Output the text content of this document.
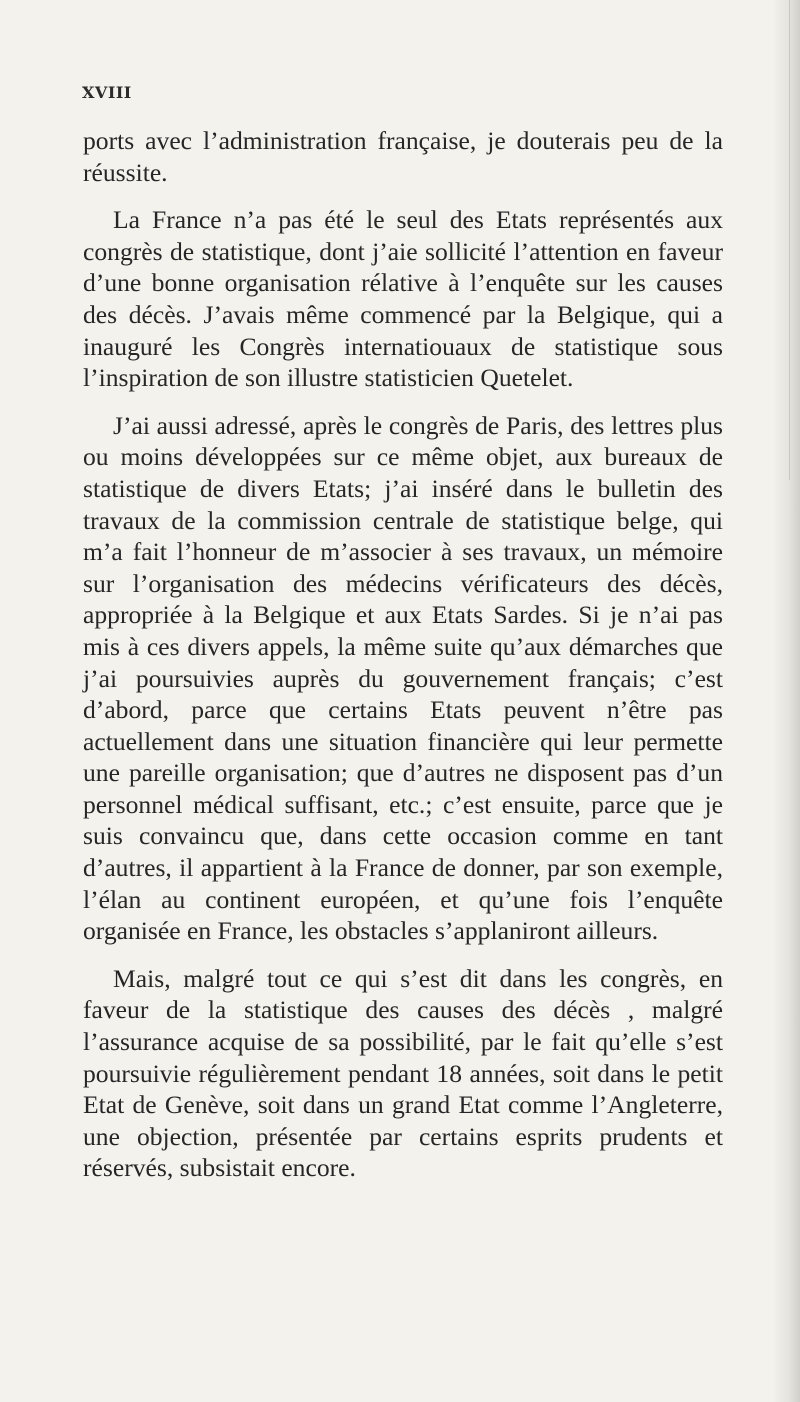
XVIII

ports avec l’administration française, je douterais peu de la réussite.

La France n’a pas été le seul des Etats représentés aux congrès de statistique, dont j’aie sollicité l’attention en faveur d’une bonne organisation rélative à l’enquête sur les causes des décès. J’avais même commencé par la Belgique, qui a inauguré les Congrès internatiouaux de statistique sous l’inspiration de son illustre statisticien Quetelet.

J’ai aussi adressé, après le congrès de Paris, des lettres plus ou moins développées sur ce même objet, aux bureaux de statistique de divers Etats; j’ai inséré dans le bulletin des travaux de la commission centrale de statistique belge, qui m’a fait l’honneur de m’associer à ses travaux, un mémoire sur l’organisation des médecins vérificateurs des décès, appropriée à la Belgique et aux Etats Sardes. Si je n’ai pas mis à ces divers appels, la même suite qu’aux démarches que j’ai poursuivies auprès du gouvernement français; c’est d’abord, parce que certains Etats peuvent n’être pas actuellement dans une situation financière qui leur permette une pareille organisation; que d’autres ne disposent pas d’un personnel médical suffisant, etc.; c’est ensuite, parce que je suis convaincu que, dans cette occasion comme en tant d’autres, il appartient à la France de donner, par son exemple, l’élan au continent européen, et qu’une fois l’enquête organisée en France, les obstacles s’applaniront ailleurs.

Mais, malgré tout ce qui s’est dit dans les congrès, en faveur de la statistique des causes des décès , malgré l’assurance acquise de sa possibilité, par le fait qu’elle s’est poursuivie régulièrement pendant 18 années, soit dans le petit Etat de Genève, soit dans un grand Etat comme l’Angleterre, une objection, présentée par certains esprits prudents et réservés, subsistait encore.
